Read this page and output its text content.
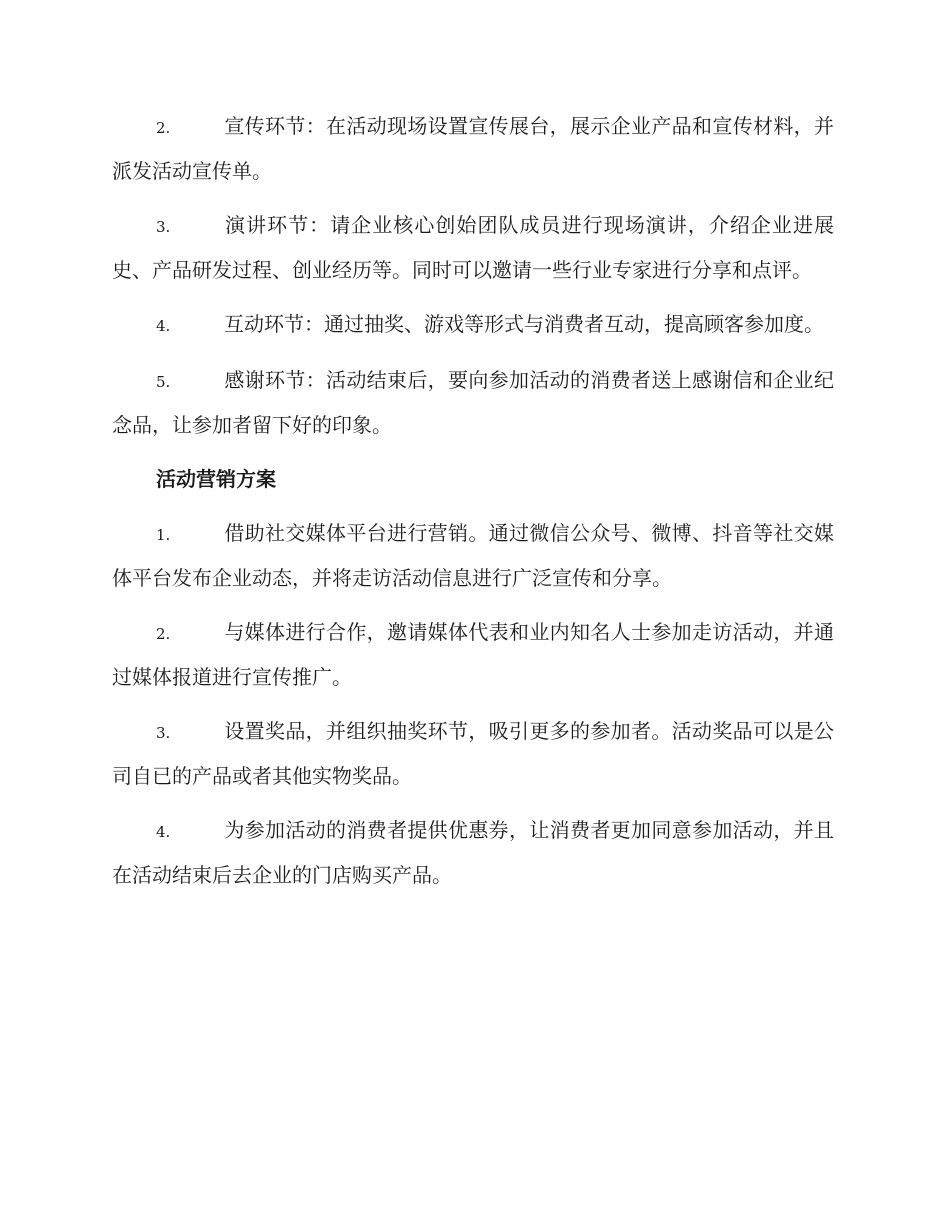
2.	宣传环节：在活动现场设置宣传展台，展示企业产品和宣传材料，并派发活动宣传单。

3.	演讲环节：请企业核心创始团队成员进行现场演讲，介绍企业进展史、产品研发过程、创业经历等。同时可以邀请一些行业专家进行分享和点评。

4.	互动环节：通过抽奖、游戏等形式与消费者互动，提高顾客参加度。

5.	感谢环节：活动结束后，要向参加活动的消费者送上感谢信和企业纪念品，让参加者留下好的印象。

活动营销方案

1.	借助社交媒体平台进行营销。通过微信公众号、微博、抖音等社交媒体平台发布企业动态，并将走访活动信息进行广泛宣传和分享。

2.	与媒体进行合作，邀请媒体代表和业内知名人士参加走访活动，并通过媒体报道进行宣传推广。

3.	设置奖品，并组织抽奖环节，吸引更多的参加者。活动奖品可以是公司自已的产品或者其他实物奖品。

4.	为参加活动的消费者提供优惠券，让消费者更加同意参加活动，并且在活动结束后去企业的门店购买产品。
